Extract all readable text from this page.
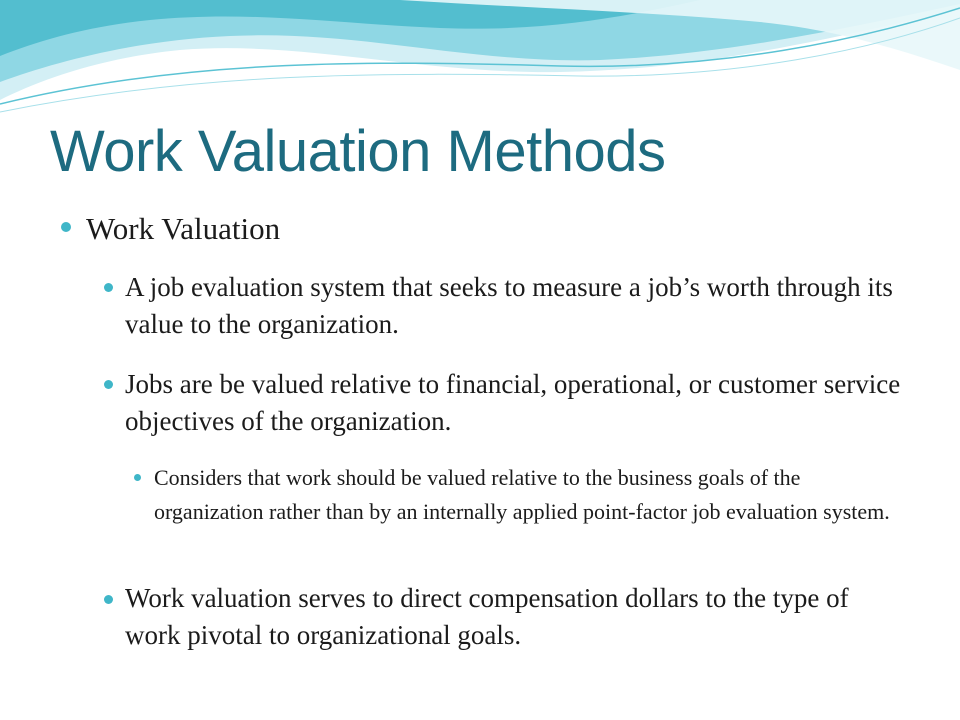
Work Valuation Methods
Work Valuation
A job evaluation system that seeks to measure a job’s worth through its value to the organization.
Jobs are be valued relative to financial, operational, or customer service objectives of the organization.
Considers that work should be valued relative to the business goals of the organization rather than by an internally applied point-factor job evaluation system.
Work valuation serves to direct compensation dollars to the type of work pivotal to organizational goals.
